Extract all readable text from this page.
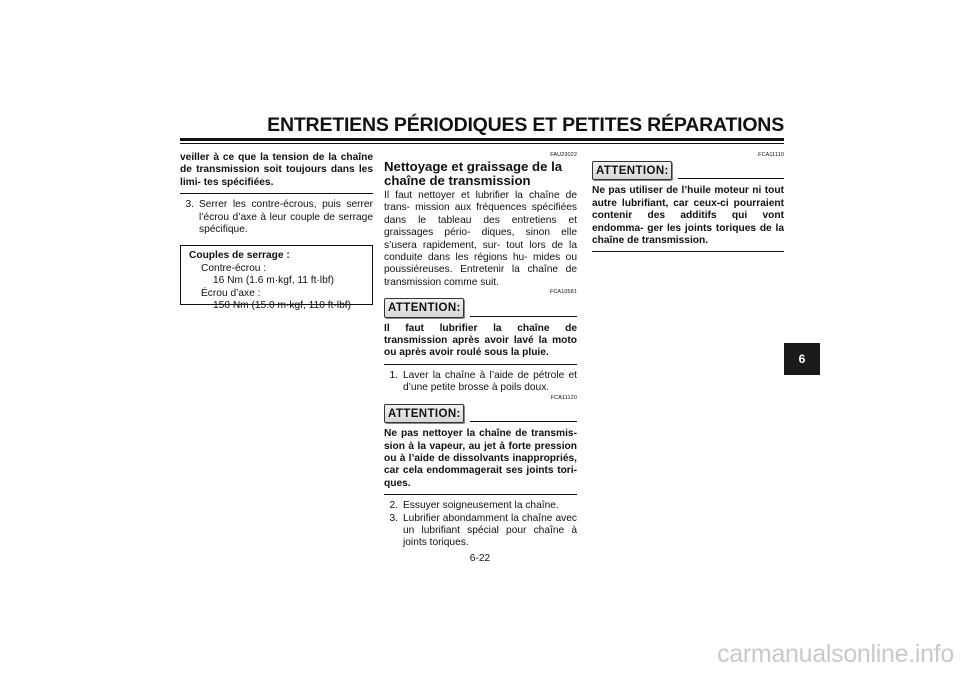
ENTRETIENS PÉRIODIQUES ET PETITES RÉPARATIONS
veiller à ce que la tension de la chaîne de transmission soit toujours dans les limi- tes spécifiées.
3. Serrer les contre-écrous, puis serrer l’écrou d’axe à leur couple de serrage spécifique.
Couples de serrage :
Contre-écrou :
16 Nm (1.6 m·kgf, 11 ft·lbf)
Écrou d’axe :
150 Nm (15.0 m·kgf, 110 ft·lbf)
FAU23022
Nettoyage et graissage de la chaîne de transmission
Il faut nettoyer et lubrifier la chaîne de trans- mission aux fréquences spécifiées dans le tableau des entretiens et graissages pério- diques, sinon elle s’usera rapidement, sur- tout lors de la conduite dans les régions hu- mides ou poussiéreuses. Entretenir la chaîne de transmission comme suit.
FCA10581
ATTENTION:
Il faut lubrifier la chaîne de transmission après avoir lavé la moto ou après avoir roulé sous la pluie.
1. Laver la chaîne à l’aide de pétrole et d’une petite brosse à poils doux.
FCA11120
ATTENTION:
Ne pas nettoyer la chaîne de transmis- sion à la vapeur, au jet à forte pression ou à l’aide de dissolvants inappropriés, car cela endommagerait ses joints tori- ques.
2. Essuyer soigneusement la chaîne.
3. Lubrifier abondamment la chaîne avec un lubrifiant spécial pour chaîne à joints toriques.
FCA11110
ATTENTION:
Ne pas utiliser de l’huile moteur ni tout autre lubrifiant, car ceux-ci pourraient contenir des additifs qui vont endomma- ger les joints toriques de la chaîne de transmission.
6
6-22
carmanualsonline.info
